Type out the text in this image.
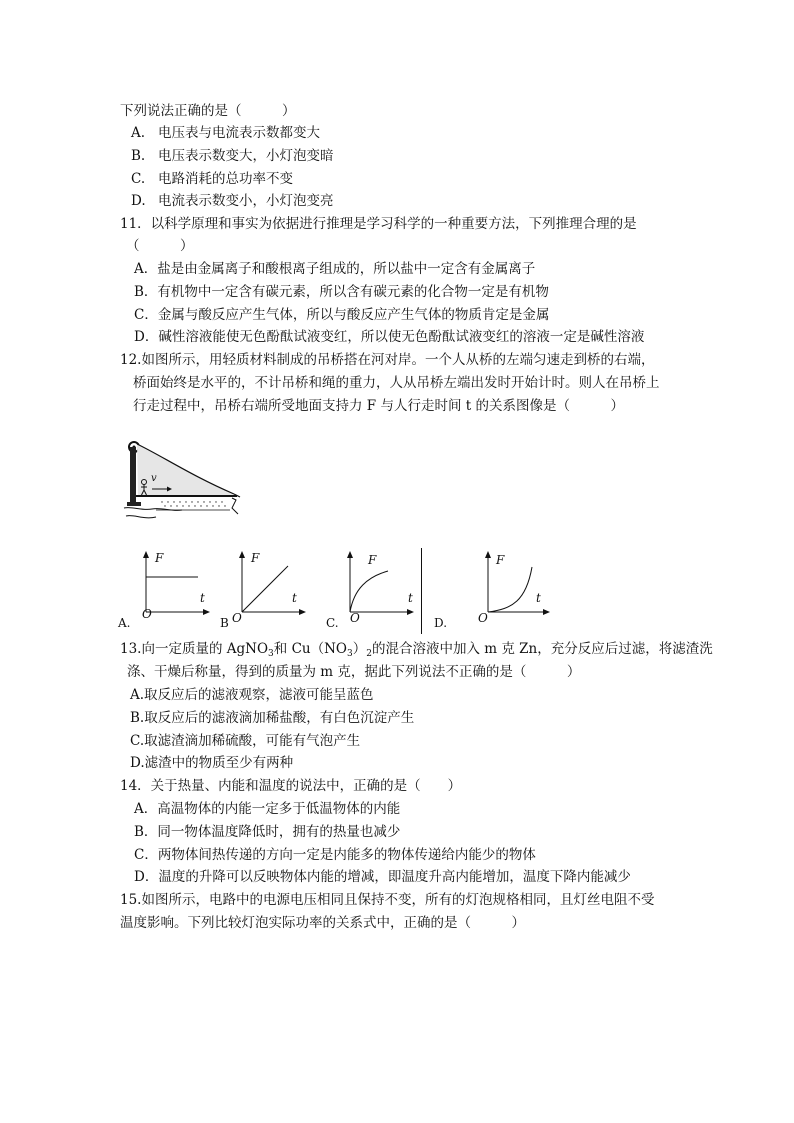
下列说法正确的是（　　　）
A. 电压表与电流表示数都变大
B. 电压表示数变大，小灯泡变暗
C. 电路消耗的总功率不变
D. 电流表示数变小，小灯泡变亮
11．以科学原理和事实为依据进行推理是学习科学的一种重要方法，下列推理合理的是
（　　　）
A．盐是由金属离子和酸根离子组成的，所以盐中一定含有金属离子
B．有机物中一定含有碳元素，所以含有碳元素的化合物一定是有机物
C．金属与酸反应产生气体，所以与酸反应产生气体的物质肯定是金属
D．碱性溶液能使无色酚酞试液变红，所以使无色酚酞试液变红的溶液一定是碱性溶液
12.如图所示，用轻质材料制成的吊桥搭在河对岸。一个人从桥的左端匀速走到桥的右端，
桥面始终是水平的，不计吊桥和绳的重力，人从吊桥左端出发时开始计时。则人在吊桥上
行走过程中，吊桥右端所受地面支持力 F 与人行走时间 t 的关系图像是（　　　）
v
F
t
O
A.
F
t
O
B
F
t
O
C.
F
t
O
D.
13.向一定质量的 AgNO$_3$和 $Cu(NO_3)_2$的混合溶液中加入 m 克 Zn，充分反应后过滤，将滤渣洗
涤、干燥后称量，得到的质量为 m 克，据此下列说法不正确的是（　　　）
A.取反应后的滤液观察，滤液可能呈蓝色
B.取反应后的滤液滴加稀盐酸，有白色沉淀产生
C.取滤渣滴加稀硫酸，可能有气泡产生
D.滤渣中的物质至少有两种
14．关于热量、内能和温度的说法中，正确的是（　　）
A．高温物体的内能一定多于低温物体的内能
B．同一物体温度降低时，拥有的热量也减少
C．两物体间热传递的方向一定是内能多的物体传递给内能少的物体
D．温度的升降可以反映物体内能的增减，即温度升高内能增加，温度下降内能减少
15.如图所示，电路中的电源电压相同且保持不变，所有的灯泡规格相同，且灯丝电阻不受
温度影响。下列比较灯泡实际功率的关系式中，正确的是（　　　）
